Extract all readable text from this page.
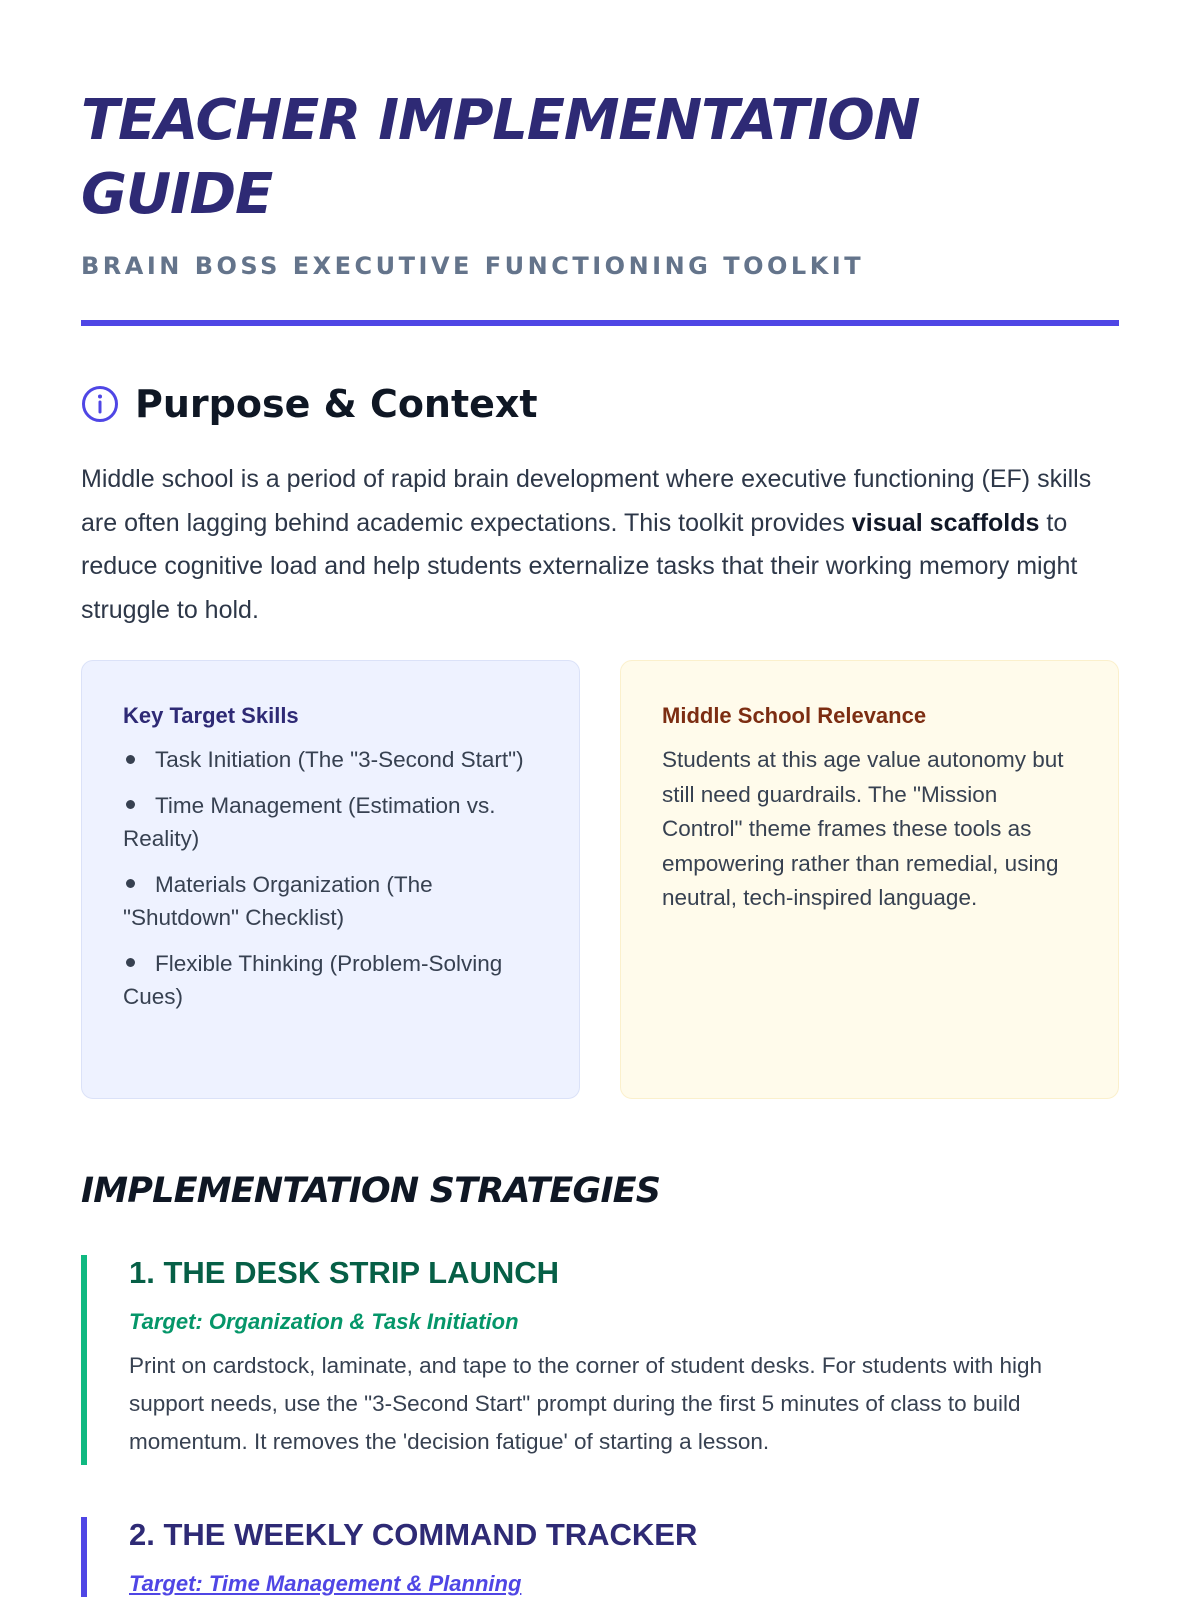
TEACHER IMPLEMENTATION GUIDE
BRAIN BOSS EXECUTIVE FUNCTIONING TOOLKIT
Purpose & Context

Middle school is a period of rapid brain development where executive functioning (EF) skills are often lagging behind academic expectations. This toolkit provides visual scaffolds to reduce cognitive load and help students externalize tasks that their working memory might struggle to hold.

Key Target Skills
Task Initiation (The "3-Second Start")
Time Management (Estimation vs. Reality)
Materials Organization (The "Shutdown" Checklist)
Flexible Thinking (Problem-Solving Cues)
Middle School Relevance

Students at this age value autonomy but still need guardrails. The "Mission Control" theme frames these tools as empowering rather than remedial, using neutral, tech-inspired language.

IMPLEMENTATION STRATEGIES
1. THE DESK STRIP LAUNCH
Target: Organization & Task Initiation

Print on cardstock, laminate, and tape to the corner of student desks. For students with high support needs, use the "3-Second Start" prompt during the first 5 minutes of class to build momentum. It removes the 'decision fatigue' of starting a lesson.

2. THE WEEKLY COMMAND TRACKER
Target: Time Management & Planning
